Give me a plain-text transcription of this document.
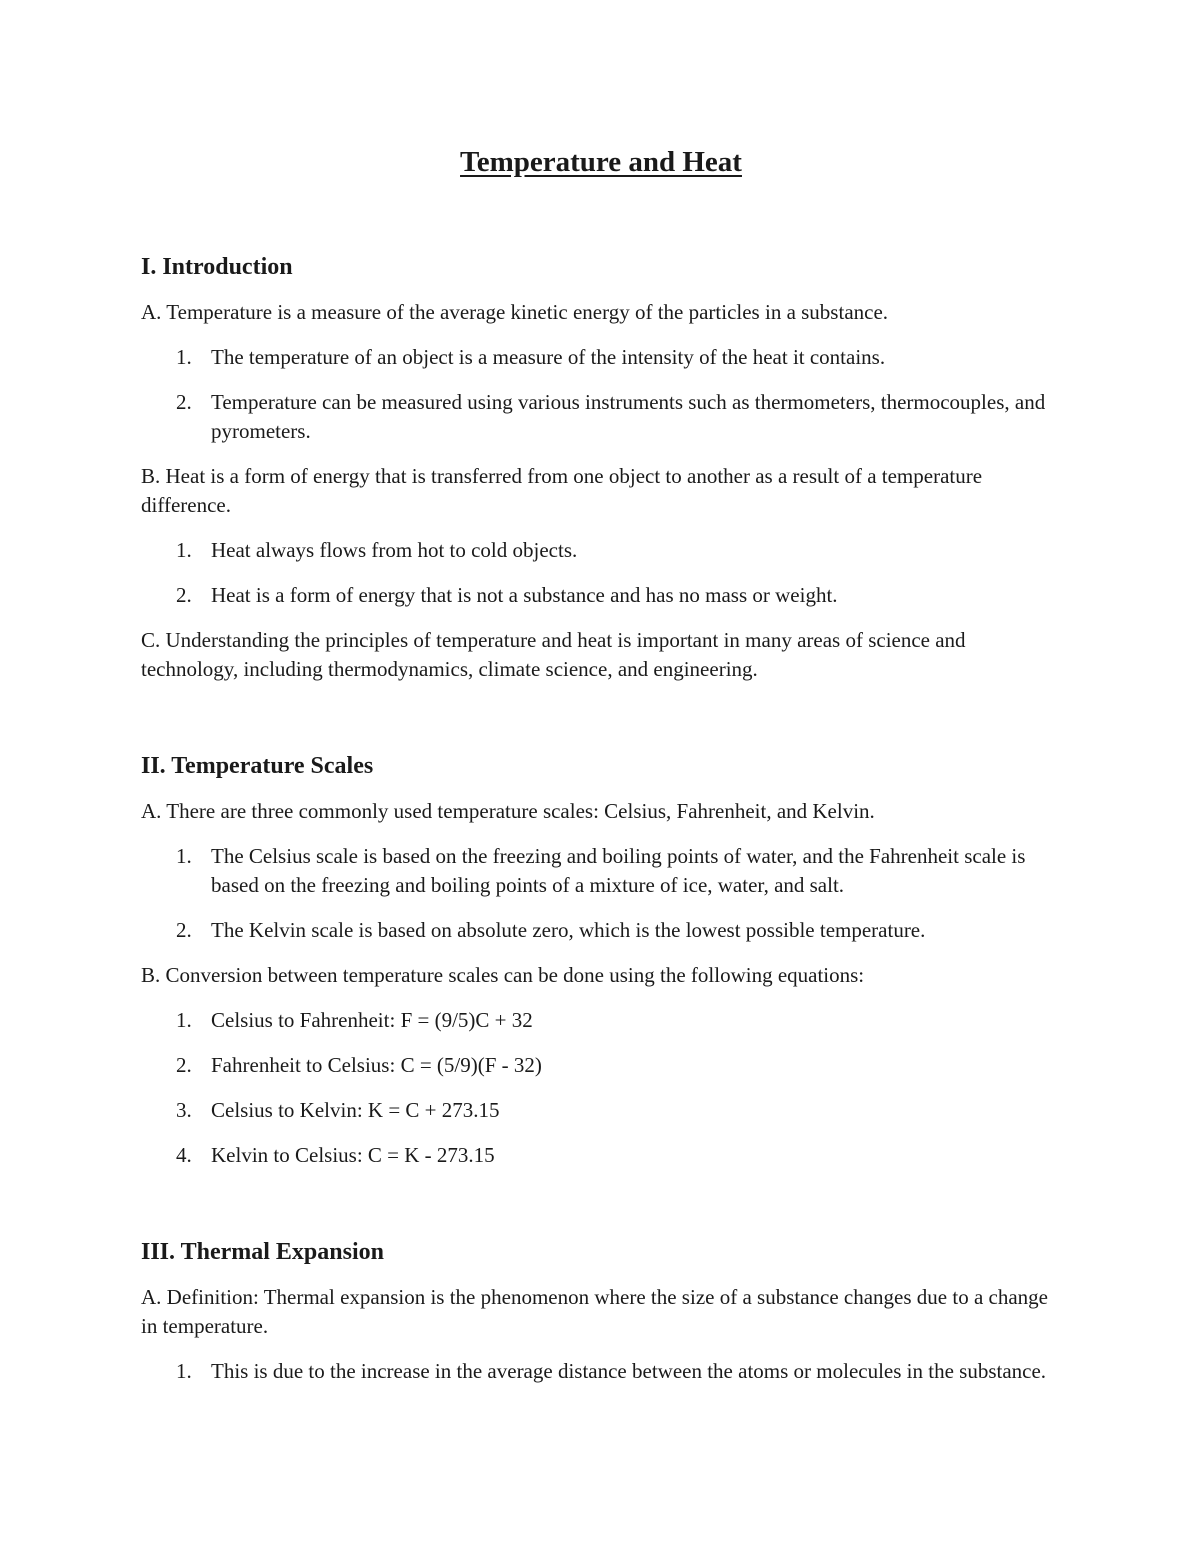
Temperature and Heat
I. Introduction

A. Temperature is a measure of the average kinetic energy of the particles in a substance.

1. The temperature of an object is a measure of the intensity of the heat it contains.
2. Temperature can be measured using various instruments such as thermometers, thermocouples, and pyrometers.

B. Heat is a form of energy that is transferred from one object to another as a result of a temperature difference.

1. Heat always flows from hot to cold objects.
2. Heat is a form of energy that is not a substance and has no mass or weight.

C. Understanding the principles of temperature and heat is important in many areas of science and technology, including thermodynamics, climate science, and engineering.

II. Temperature Scales

A. There are three commonly used temperature scales: Celsius, Fahrenheit, and Kelvin.

1. The Celsius scale is based on the freezing and boiling points of water, and the Fahrenheit scale is based on the freezing and boiling points of a mixture of ice, water, and salt.
2. The Kelvin scale is based on absolute zero, which is the lowest possible temperature.

B. Conversion between temperature scales can be done using the following equations:

1. Celsius to Fahrenheit: F = (9/5)C + 32
2. Fahrenheit to Celsius: C = (5/9)(F - 32)
3. Celsius to Kelvin: K = C + 273.15
4. Kelvin to Celsius: C = K - 273.15
III. Thermal Expansion

A. Definition: Thermal expansion is the phenomenon where the size of a substance changes due to a change in temperature.

1. This is due to the increase in the average distance between the atoms or molecules in the substance.
